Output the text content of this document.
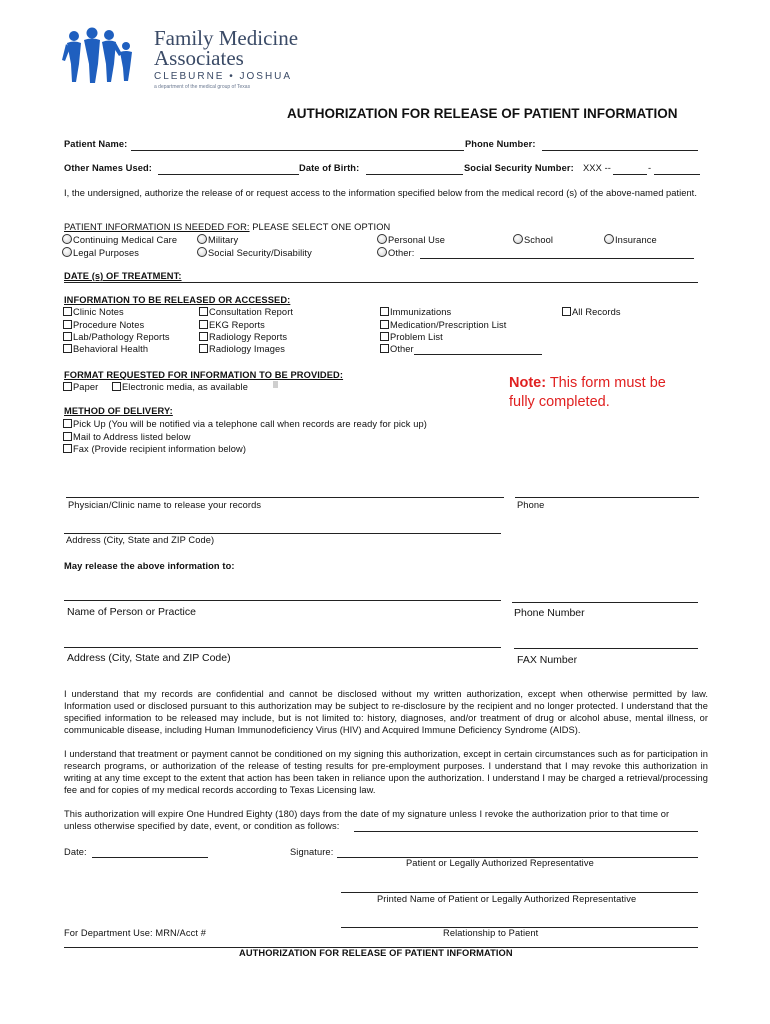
Family Medicine
Associates
CLEBURNE • JOSHUA
a department of the medical group of Texas
AUTHORIZATION FOR RELEASE OF PATIENT INFORMATION
Patient Name:	Phone Number:
Other Names Used:	Date of Birth:	Social Security Number: XXX --	-
I, the undersigned, authorize the release of or request access to the information specified below from the medical record (s) of the above-named patient.
PATIENT INFORMATION IS NEEDED FOR: PLEASE SELECT ONE OPTION
Continuing Medical Care	Military	Personal Use	School	Insurance
Legal Purposes	Social Security/Disability	Other:
DATE (s) OF TREATMENT:
INFORMATION TO BE RELEASED OR ACCESSED:
Clinic Notes	Consultation Report	Immunizations	All Records
Procedure Notes	EKG Reports	Medication/Prescription List
Lab/Pathology Reports	Radiology Reports	Problem List
Behavioral Health	Radiology Images	Other
FORMAT REQUESTED FOR INFORMATION TO BE PROVIDED:
Paper	Electronic media, as available	Note: This form must be
fully completed.
METHOD OF DELIVERY:
Pick Up (You will be notified via a telephone call when records are ready for pick up)
Mail to Address listed below
Fax (Provide recipient information below)
Physician/Clinic name to release your records	Phone
Address (City, State and ZIP Code)
May release the above information to:
Name of Person or Practice	Phone Number
Address (City, State and ZIP Code)	FAX Number
I understand that my records are confidential and cannot be disclosed without my written authorization, except when otherwise permitted by law. Information used or disclosed pursuant to this authorization may be subject to re-disclosure by the recipient and no longer protected. I understand that the specified information to be released may include, but is not limited to: history, diagnoses, and/or treatment of drug or alcohol abuse, mental illness, or communicable disease, including Human Immunodeficiency Virus (HIV) and Acquired Immune Deficiency Syndrome (AIDS).
I understand that treatment or payment cannot be conditioned on my signing this authorization, except in certain circumstances such as for participation in research programs, or authorization of the release of testing results for pre-employment purposes. I understand that I may revoke this authorization in writing at any time except to the extent that action has been taken in reliance upon the authorization. I understand I may be charged a retrieval/processing fee and for copies of my medical records according to Texas Licensing law.
This authorization will expire One Hundred Eighty (180) days from the date of my signature unless I revoke the authorization prior to that time or
unless otherwise specified by date, event, or condition as follows:
Date:	Signature:
Patient or Legally Authorized Representative
Printed Name of Patient or Legally Authorized Representative
For Department Use: MRN/Acct #	Relationship to Patient
AUTHORIZATION FOR RELEASE OF PATIENT INFORMATION
